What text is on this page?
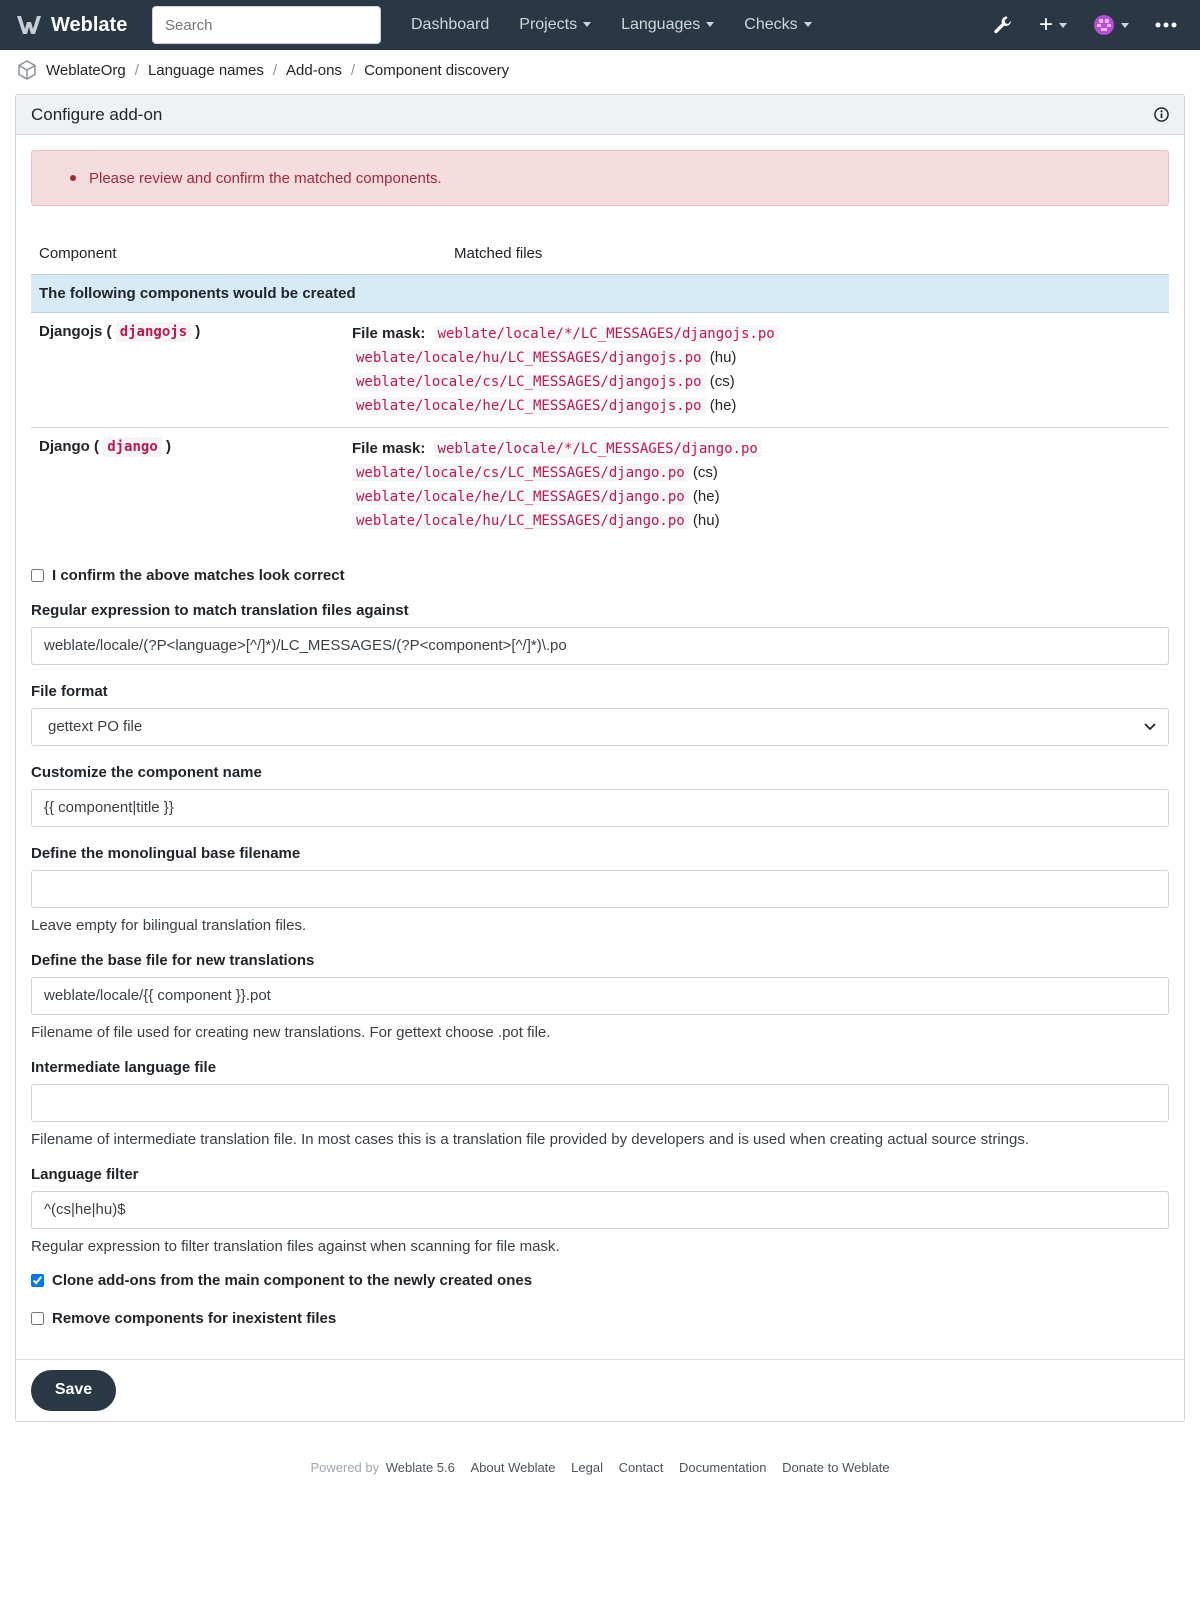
Weblate
Search	Dashboard	Projects	Languages	Checks	+
WeblateOrg / Language names / Add-ons / Component discovery
Configure add-on
Please review and confirm the matched components.
Component	Matched files
The following components would be created	
Djangojs ( djangojs )	File mask: weblate/locale/*/LC_MESSAGES/djangojs.po
weblate/locale/hu/LC_MESSAGES/djangojs.po (hu)
weblate/locale/cs/LC_MESSAGES/djangojs.po (cs)
weblate/locale/he/LC_MESSAGES/djangojs.po (he)

Django ( django )	File mask: weblate/locale/*/LC_MESSAGES/django.po
weblate/locale/cs/LC_MESSAGES/django.po (cs)
weblate/locale/he/LC_MESSAGES/django.po (he)
weblate/locale/hu/LC_MESSAGES/django.po (hu)
I confirm the above matches look correct
Regular expression to match translation files against
weblate/locale/(?P<language>[^/]*)/LC_MESSAGES/(?P<component>[^/]*)\.po
File format
gettext PO file
Customize the component name
{{ component|title }}
Define the monolingual base filename
Leave empty for bilingual translation files.
Define the base file for new translations
weblate/locale/{{ component }}.pot
Filename of file used for creating new translations. For gettext choose .pot file.
Intermediate language file
Filename of intermediate translation file. In most cases this is a translation file provided by developers and is used when creating actual source strings.
Language filter
^(cs|he|hu)$
Regular expression to filter translation files against when scanning for file mask.
Clone add-ons from the main component to the newly created ones
Remove components for inexistent files
Save
Powered by Weblate 5.6 About Weblate Legal Contact Documentation Donate to Weblate
